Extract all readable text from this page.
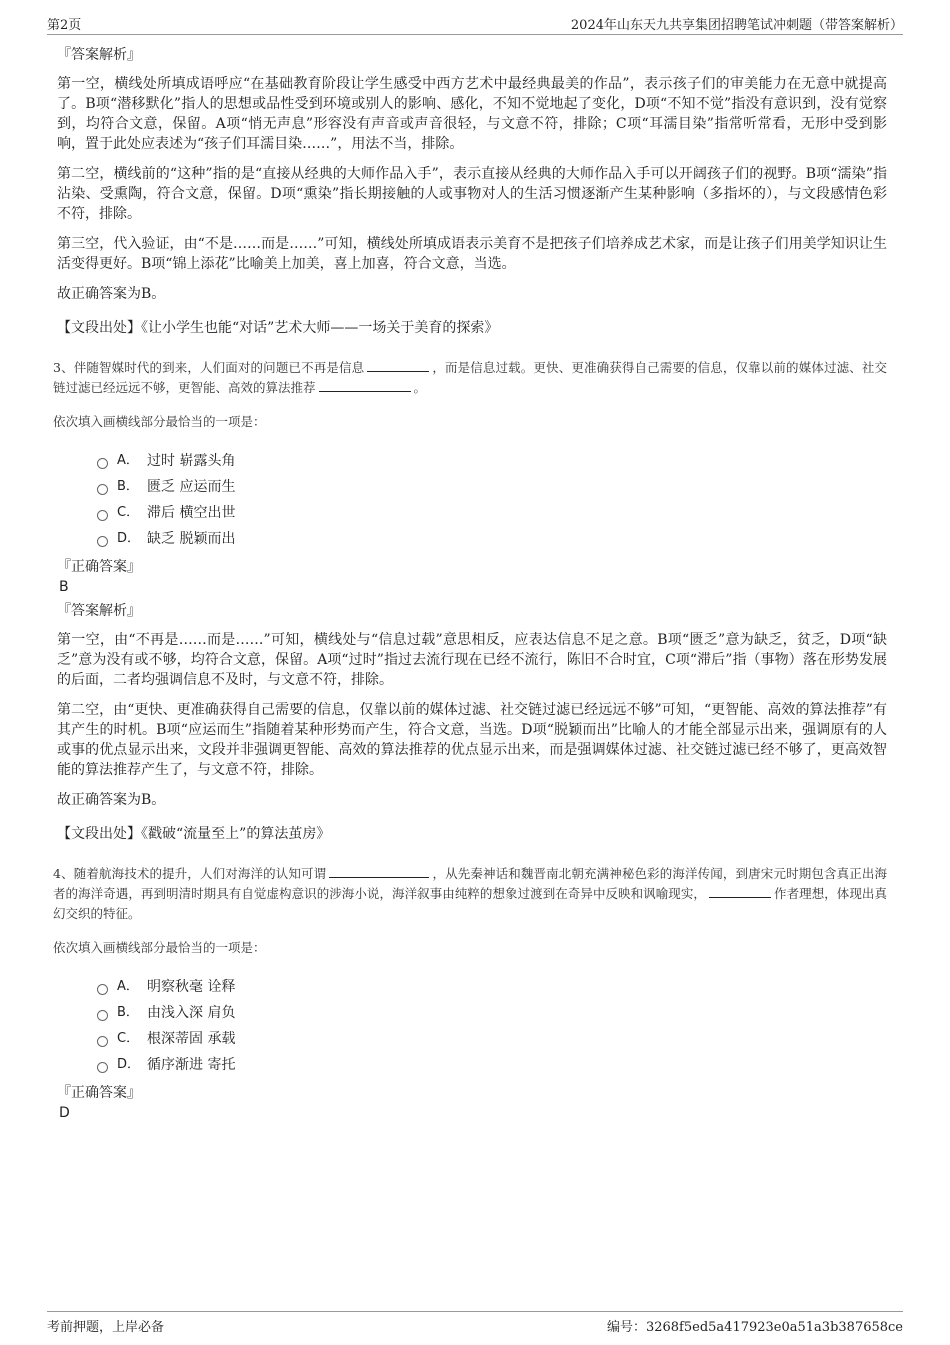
第2页	2024年山东天九共享集团招聘笔试冲刺题（带答案解析）

『答案解析』

第一空，横线处所填成语呼应“在基础教育阶段让学生感受中西方艺术中最经典最美的作品”，表示孩子们的审美能力在无意中就提高了。B项“潜移默化”指人的思想或品性受到环境或别人的影响、感化，不知不觉地起了变化，D项“不知不觉”指没有意识到，没有觉察到，均符合文意，保留。A项“悄无声息”形容没有声音或声音很轻，与文意不符，排除；C项“耳濡目染”指常听常看，无形中受到影响，置于此处应表述为“孩子们耳濡目染……”，用法不当，排除。

第二空，横线前的“这种”指的是“直接从经典的大师作品入手”，表示直接从经典的大师作品入手可以开阔孩子们的视野。B项“濡染”指沾染、受熏陶，符合文意，保留。D项“熏染”指长期接触的人或事物对人的生活习惯逐渐产生某种影响（多指坏的），与文段感情色彩不符，排除。

第三空，代入验证，由“不是……而是……”可知，横线处所填成语表示美育不是把孩子们培养成艺术家，而是让孩子们用美学知识让生活变得更好。B项“锦上添花”比喻美上加美，喜上加喜，符合文意，当选。

故正确答案为B。

【文段出处】《让小学生也能“对话”艺术大师——一场关于美育的探索》

3、伴随智媒时代的到来，人们面对的问题已不再是信息	，而是信息过载。更快、更准确获得自己需要的信息，仅靠以前的媒体过滤、社交链过滤已经远远不够，更智能、高效的算法推荐	。

依次填入画横线部分最恰当的一项是：

A． 过时 崭露头角
B． 匮乏 应运而生
C． 滞后 横空出世
D． 缺乏 脱颖而出

『正确答案』

B

『答案解析』

第一空，由“不再是……而是……”可知，横线处与“信息过载”意思相反，应表达信息不足之意。B项“匮乏”意为缺乏，贫乏，D项“缺乏”意为没有或不够，均符合文意，保留。A项“过时”指过去流行现在已经不流行，陈旧不合时宜，C项“滞后”指（事物）落在形势发展的后面，二者均强调信息不及时，与文意不符，排除。

第二空，由“更快、更准确获得自己需要的信息，仅靠以前的媒体过滤、社交链过滤已经远远不够”可知，“更智能、高效的算法推荐”有其产生的时机。B项“应运而生”指随着某种形势而产生，符合文意，当选。D项“脱颖而出”比喻人的才能全部显示出来，强调原有的人或事的优点显示出来，文段并非强调更智能、高效的算法推荐的优点显示出来，而是强调媒体过滤、社交链过滤已经不够了，更高效智能的算法推荐产生了，与文意不符，排除。

故正确答案为B。

【文段出处】《戳破“流量至上”的算法茧房》

4、随着航海技术的提升，人们对海洋的认知可谓	，从先秦神话和魏晋南北朝充满神秘色彩的海洋传闻，到唐宋元时期包含真正出海者的海洋奇遇，再到明清时期具有自觉虚构意识的涉海小说，海洋叙事由纯粹的想象过渡到在奇异中反映和讽喻现实，	作者理想，体现出真幻交织的特征。

依次填入画横线部分最恰当的一项是：

A． 明察秋毫 诠释
B． 由浅入深 肩负
C． 根深蒂固 承载
D． 循序渐进 寄托

『正确答案』

D

考前押题，上岸必备	编号：3268f5ed5a417923e0a51a3b387658ce
